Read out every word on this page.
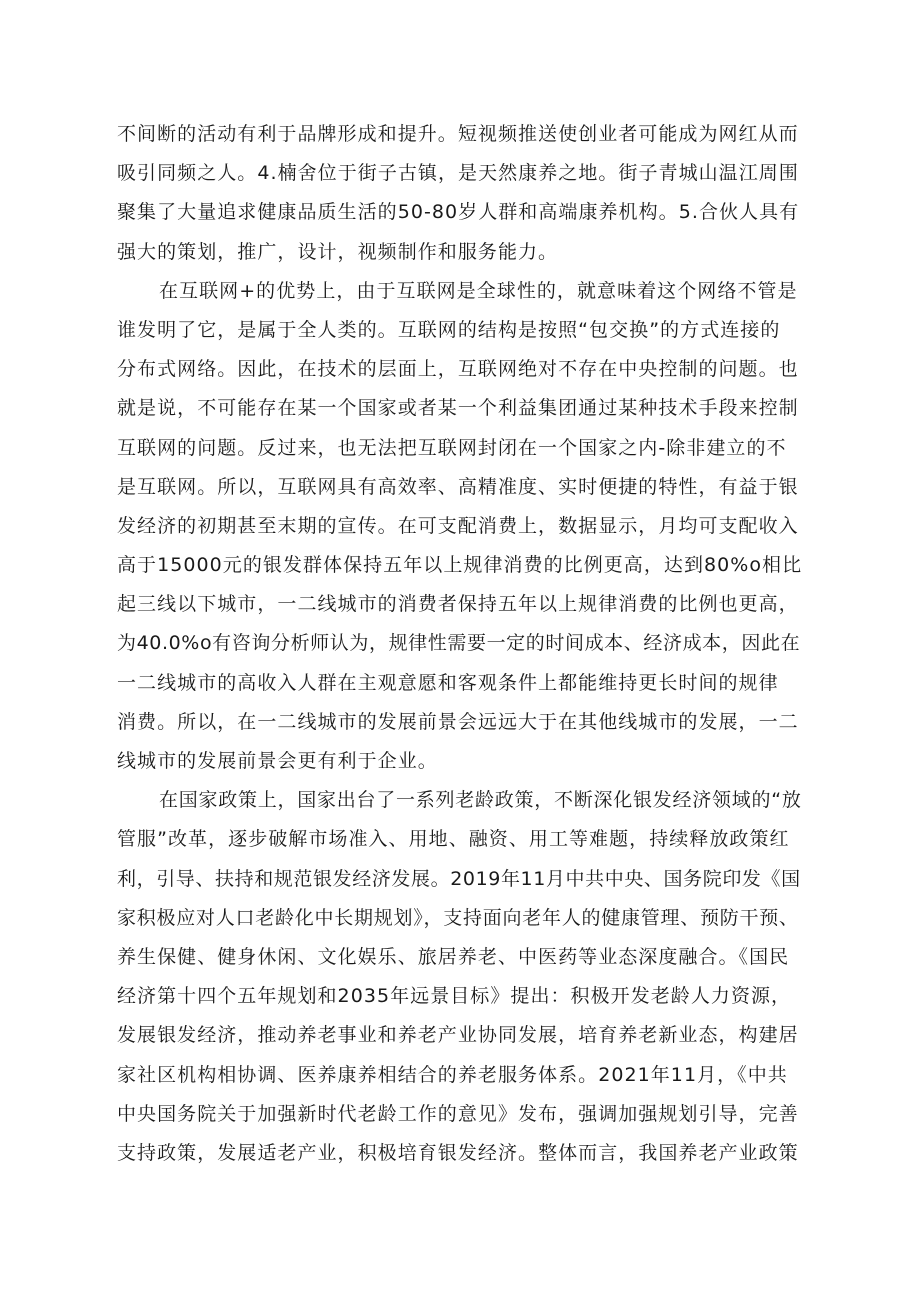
不间断的活动有利于品牌形成和提升。短视频推送使创业者可能成为网红从而
吸引同频之人。4.楠舍位于街子古镇，是天然康养之地。街子青城山温江周围
聚集了大量追求健康品质生活的50-80岁人群和高端康养机构。5.合伙人具有
强大的策划，推广，设计，视频制作和服务能力。
在互联网+的优势上，由于互联网是全球性的，就意味着这个网络不管是
谁发明了它，是属于全人类的。互联网的结构是按照“包交换”的方式连接的
分布式网络。因此，在技术的层面上，互联网绝对不存在中央控制的问题。也
就是说，不可能存在某一个国家或者某一个利益集团通过某种技术手段来控制
互联网的问题。反过来，也无法把互联网封闭在一个国家之内-除非建立的不
是互联网。所以，互联网具有高效率、高精准度、实时便捷的特性，有益于银
发经济的初期甚至末期的宣传。在可支配消费上，数据显示，月均可支配收入
高于15000元的银发群体保持五年以上规律消费的比例更高，达到80%o相比
起三线以下城市，一二线城市的消费者保持五年以上规律消费的比例也更高，
为40.0%o有咨询分析师认为，规律性需要一定的时间成本、经济成本，因此在
一二线城市的高收入人群在主观意愿和客观条件上都能维持更长时间的规律
消费。所以，在一二线城市的发展前景会远远大于在其他线城市的发展，一二
线城市的发展前景会更有利于企业。
在国家政策上，国家出台了一系列老龄政策，不断深化银发经济领域的“放
管服”改革，逐步破解市场准入、用地、融资、用工等难题，持续释放政策红
利，引导、扶持和规范银发经济发展。2019年11月中共中央、国务院印发《国
家积极应对人口老龄化中长期规划》，支持面向老年人的健康管理、预防干预、
养生保健、健身休闲、文化娱乐、旅居养老、中医药等业态深度融合。《国民
经济第十四个五年规划和2035年远景目标》提出：积极开发老龄人力资源，
发展银发经济，推动养老事业和养老产业协同发展，培育养老新业态，构建居
家社区机构相协调、医养康养相结合的养老服务体系。2021年11月，《中共
中央国务院关于加强新时代老龄工作的意见》发布，强调加强规划引导，完善
支持政策，发展适老产业，积极培育银发经济。整体而言，我国养老产业政策
